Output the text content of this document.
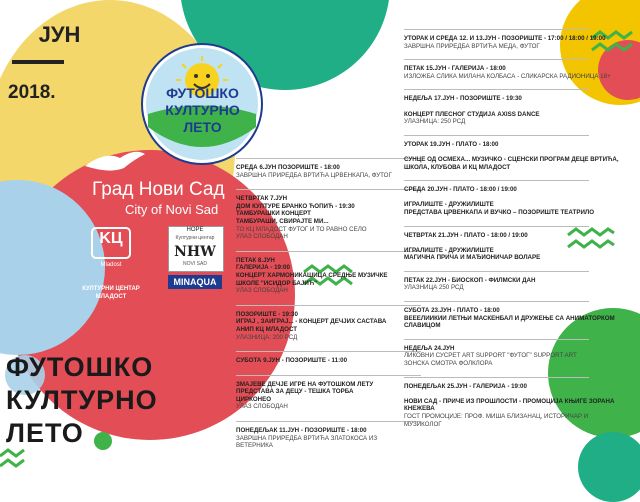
ЈУН
2018.	ФУТОШКО
КУЛТУРНО
ЛЕТО
Град Нови Сад
City of Novi Sad
KЦ
Mladost
КУЛТУРНИ ЦЕНТАР МЛАДОСТ
НОРЕ
Културни центар
NHW
NOVI SAD
MINAQUA
ФУТОШКО
КУЛТУРНО
ЛЕТО
СРЕДА 6.ЈУН ПОЗОРИШТЕ - 18:00
ЗАВРШНА ПРИРЕДБА ВРТИЋА ЦРВЕНКАПА, ФУТОГ
ЧЕТВРТАК 7.ЈУН
ДОМ КУЛТУРЕ БРАНКО ЋОПИЋ - 19:30
ТАМБУРАШКИ КОНЦЕРТ
ТАМБУРАШИ, СВИРАЈТЕ МИ...
ТО КЦ МЛАДОСТ ФУТОГ И ТО РАВНО СЕЛО
УЛАЗ СЛОБОДАН
ПЕТАК 8.ЈУН
ГАЛЕРИЈА - 19:00
КОНЦЕРТ ХАРМОНИКАШИЦА СРЕДЊЕ МУЗИЧКЕ ШКОЛЕ "ИСИДОР БАЈИЋ"
УЛАЗ СЛОБОДАН
ПОЗОРИШТЕ - 19:30
ИГРАЈ , ЗАИГРАЈ... - КОНЦЕРТ ДЕЧЈИХ САСТАВА АНИП КЦ МЛАДОСТ
УЛАЗНИЦА: 200 РСД
СУБОТА 9.ЈУН - ПОЗОРИШТЕ - 11:00
ЗМАЈЕВЕ ДЕЧЈЕ ИГРЕ НА ФУТОШКОМ ЛЕТУ
ПРЕДСТАВА ЗА ДЕЦУ - ТЕШКА ТОРБА
ЦИРКОНЕО
УЛАЗ СЛОБОДАН
ПОНЕДЕЉАК 11.ЈУН - ПОЗОРИШТЕ - 18:00
ЗАВРШНА ПРИРЕДБА ВРТИЋА ЗЛАТОКОСА ИЗ ВЕТЕРНИКА
УТОРАК И СРЕДА 12. И 13.ЈУН - ПОЗОРИШТЕ - 17:00 / 18:00 / 19:00
ЗАВРШНА ПРИРЕДБА ВРТИЋА МЕДА, ФУТОГ
ПЕТАК 15.ЈУН - ГАЛЕРИЈА - 18:00
ИЗЛОЖБА СЛИКА МИЛАНА КОЛБАСА - СЛИКАРСКА РАДИОНИЦА 18+
НЕДЕЉА 17.ЈУН - ПОЗОРИШТЕ - 19:30

КОНЦЕРТ ПЛЕСНОГ СТУДИЈА AXISS DANCE
УЛАЗНИЦА: 250 РСД
УТОРАК 19.ЈУН - ПЛАТО - 18:00

СУНЦЕ ОД ОСМЕХА... МУЗИЧКО - СЦЕНСКИ ПРОГРАМ ДЕЦЕ ВРТИЋА, ШКОЛА, КЛУБОВА И КЦ МЛАДОСТ
СРЕДА 20.ЈУН - ПЛАТО - 18:00 / 19:00

ИГРАЛИШТЕ - ДРУЖИЛИШТЕ
ПРЕДСТАВА ЦРВЕНКАПА И ВУЧКО – ПОЗОРИШТЕ ТЕАТРИЛО
ЧЕТВРТАК 21.ЈУН - ПЛАТО - 18:00 / 19:00

ИГРАЛИШТЕ - ДРУЖИЛИШТЕ
МАГИЧНА ПРИЧА И МАЂИОНИЧАР ВОЛАРЕ
ПЕТАК 22.ЈУН - БИОСКОП - ФИЛМСКИ ДАН
УЛАЗНИЦА 250 РСД
СУБОТА 23.ЈУН - ПЛАТО - 18:00
ВЕЕЕЛИИКИИ ЛЕТЊИ МАСКЕНБАЛ И ДРУЖЕЊЕ СА АНИМАТОРКОМ СЛАВИЦОМ
НЕДЕЉА 24.ЈУН
ЛИКОВНИ СУСРЕТ ART SUPPORT "ФУТОГ" SUPPORT ART
ЗОНСКА СМОТРА ФОЛКЛОРА
ПОНЕДЕЉАК 25.ЈУН - ГАЛЕРИЈА - 19:00

НОВИ САД - ПРИЧЕ ИЗ ПРОШЛОСТИ - ПРОМОЦИЈА КЊИГЕ ЗОРАНА КНЕЖЕВА
ГОСТ ПРОМОЦИЈЕ: ПРОФ. МИША БЛИЗАНАЦ, ИСТОРИЧАР И МУЗИКОЛОГ
